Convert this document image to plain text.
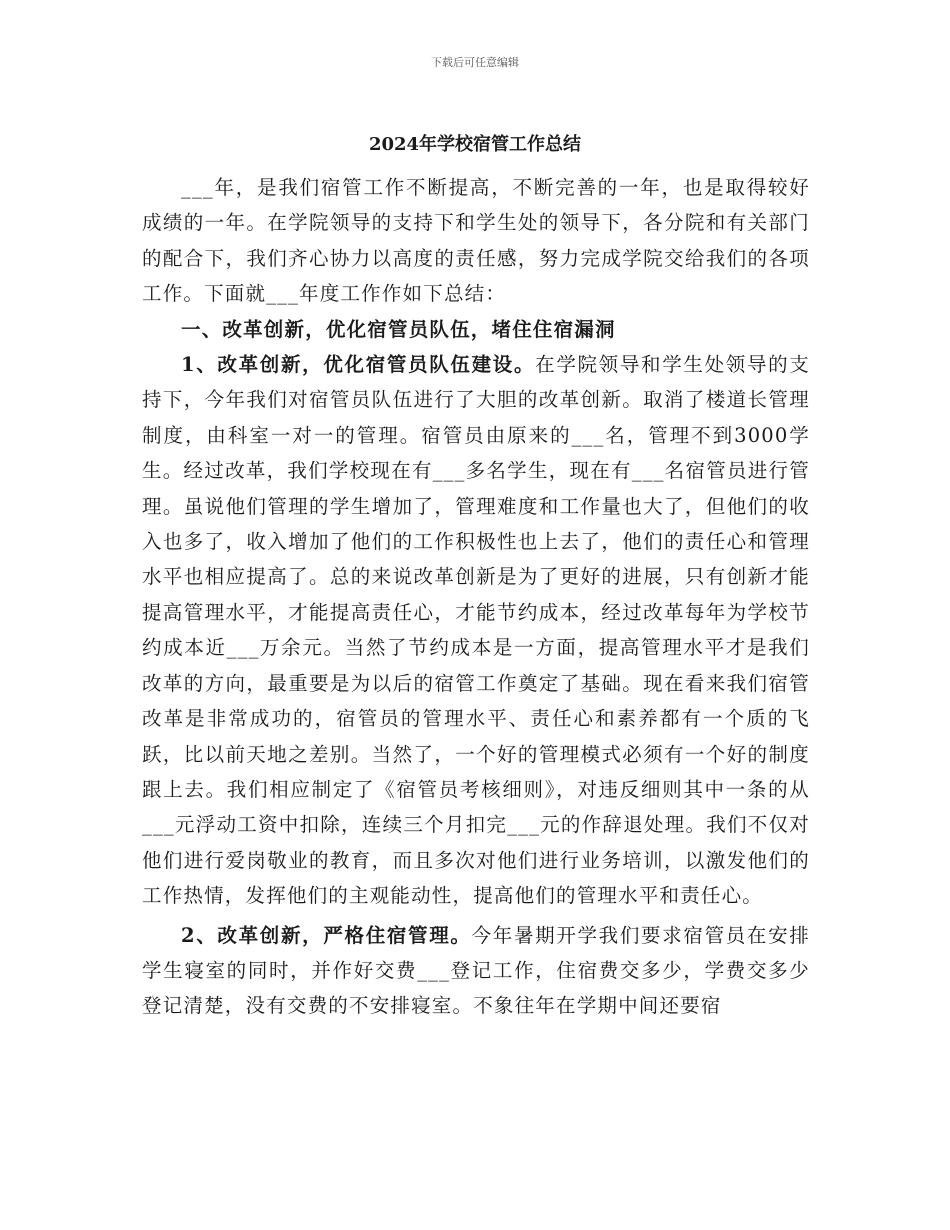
下载后可任意编辑
2024年学校宿管工作总结

___年，是我们宿管工作不断提高，不断完善的一年，也是取得较好成绩的一年。在学院领导的支持下和学生处的领导下，各分院和有关部门的配合下，我们齐心协力以高度的责任感，努力完成学院交给我们的各项工作。下面就___年度工作作如下总结：

一、改革创新，优化宿管员队伍，堵住住宿漏洞

1、改革创新，优化宿管员队伍建设。在学院领导和学生处领导的支持下，今年我们对宿管员队伍进行了大胆的改革创新。取消了楼道长管理制度，由科室一对一的管理。宿管员由原来的___名，管理不到3000学生。经过改革，我们学校现在有___多名学生，现在有___名宿管员进行管理。虽说他们管理的学生增加了，管理难度和工作量也大了，但他们的收入也多了，收入增加了他们的工作积极性也上去了，他们的责任心和管理水平也相应提高了。总的来说改革创新是为了更好的进展，只有创新才能提高管理水平，才能提高责任心，才能节约成本，经过改革每年为学校节约成本近___万余元。当然了节约成本是一方面，提高管理水平才是我们改革的方向，最重要是为以后的宿管工作奠定了基础。现在看来我们宿管改革是非常成功的，宿管员的管理水平、责任心和素养都有一个质的飞跃，比以前天地之差别。当然了，一个好的管理模式必须有一个好的制度跟上去。我们相应制定了《宿管员考核细则》，对违反细则其中一条的从___元浮动工资中扣除，连续三个月扣完___元的作辞退处理。我们不仅对他们进行爱岗敬业的教育，而且多次对他们进行业务培训，以激发他们的工作热情，发挥他们的主观能动性，提高他们的管理水平和责任心。

2、改革创新，严格住宿管理。今年暑期开学我们要求宿管员在安排学生寝室的同时，并作好交费___登记工作，住宿费交多少，学费交多少登记清楚，没有交费的不安排寝室。不象往年在学期中间还要宿
